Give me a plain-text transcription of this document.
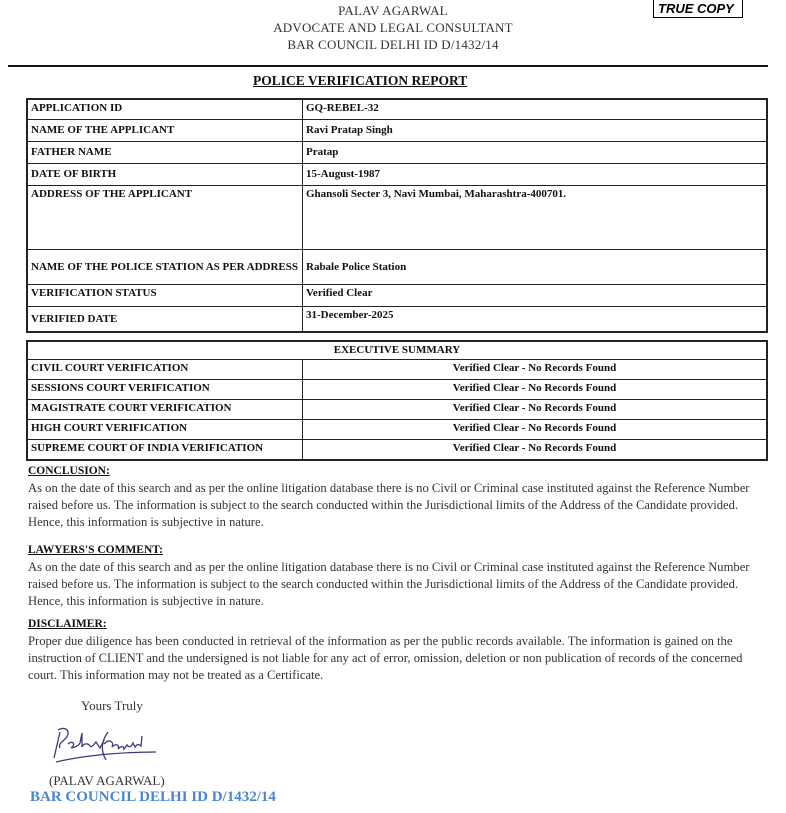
PALAV AGARWAL
ADVOCATE AND LEGAL CONSULTANT
BAR COUNCIL DELHI ID D/1432/14
TRUE COPY
POLICE VERIFICATION REPORT
APPLICATION ID	GQ-REBEL-32
NAME OF THE APPLICANT	Ravi Pratap Singh
FATHER NAME	Pratap
DATE OF BIRTH	15-August-1987
ADDRESS OF THE APPLICANT	Ghansoli Secter 3, Navi Mumbai, Maharashtra-400701.
NAME OF THE POLICE STATION AS PER ADDRESS	Rabale Police Station
VERIFICATION STATUS	Verified Clear
VERIFIED DATE	31-December-2025
EXECUTIVE SUMMARY	
CIVIL COURT VERIFICATION	Verified Clear - No Records Found
SESSIONS COURT VERIFICATION	Verified Clear - No Records Found
MAGISTRATE COURT VERIFICATION	Verified Clear - No Records Found
HIGH COURT VERIFICATION	Verified Clear - No Records Found
SUPREME COURT OF INDIA VERIFICATION	Verified Clear - No Records Found
CONCLUSION:
As on the date of this search and as per the online litigation database there is no Civil or Criminal case instituted against the Reference Number raised before us. The information is subject to the search conducted within the Jurisdictional limits of the Address of the Candidate provided. Hence, this information is subjective in nature.
LAWYERS'S COMMENT:
As on the date of this search and as per the online litigation database there is no Civil or Criminal case instituted against the Reference Number raised before us. The information is subject to the search conducted within the Jurisdictional limits of the Address of the Candidate provided. Hence, this information is subjective in nature.
DISCLAIMER:
Proper due diligence has been conducted in retrieval of the information as per the public records available. The information is gained on the instruction of CLIENT and the undersigned is not liable for any act of error, omission, deletion or non publication of records of the concerned court. This information may not be treated as a Certificate.
Yours Truly
(PALAV AGARWAL)
BAR COUNCIL DELHI ID D/1432/14
